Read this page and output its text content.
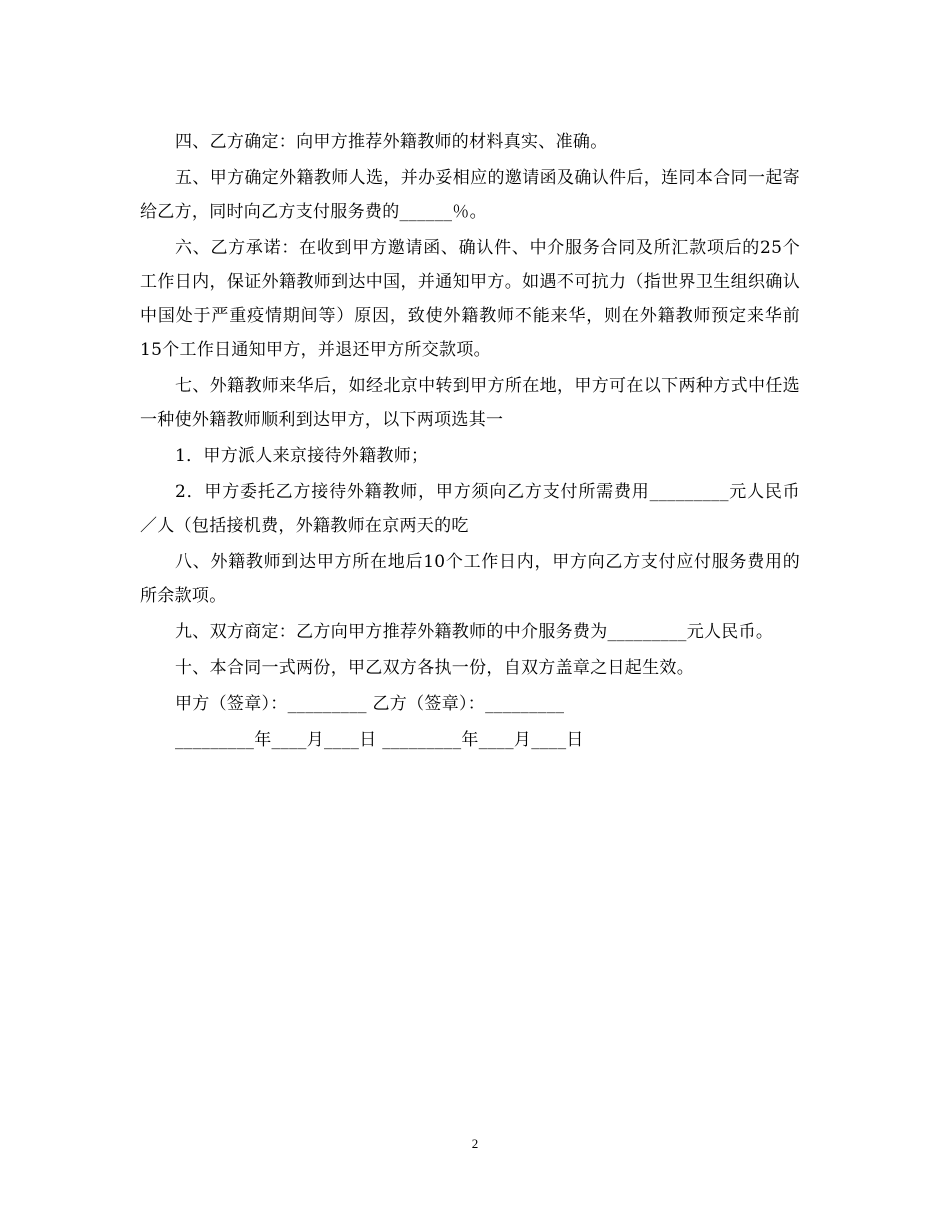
四、乙方确定：向甲方推荐外籍教师的材料真实、准确。

五、甲方确定外籍教师人选，并办妥相应的邀请函及确认件后，连同本合同一起寄给乙方，同时向乙方支付服务费的______％。

六、乙方承诺：在收到甲方邀请函、确认件、中介服务合同及所汇款项后的25个工作日内，保证外籍教师到达中国，并通知甲方。如遇不可抗力（指世界卫生组织确认中国处于严重疫情期间等）原因，致使外籍教师不能来华，则在外籍教师预定来华前15个工作日通知甲方，并退还甲方所交款项。

七、外籍教师来华后，如经北京中转到甲方所在地，甲方可在以下两种方式中任选一种使外籍教师顺利到达甲方，以下两项选其一

1．甲方派人来京接待外籍教师；

2．甲方委托乙方接待外籍教师，甲方须向乙方支付所需费用_________元人民币／人（包括接机费，外籍教师在京两天的吃

八、外籍教师到达甲方所在地后10个工作日内，甲方向乙方支付应付服务费用的所余款项。

九、双方商定：乙方向甲方推荐外籍教师的中介服务费为_________元人民币。

十、本合同一式两份，甲乙双方各执一份，自双方盖章之日起生效。

甲方（签章）：_________ 乙方（签章）：_________
_________年____月____日 _________年____月____日
2
